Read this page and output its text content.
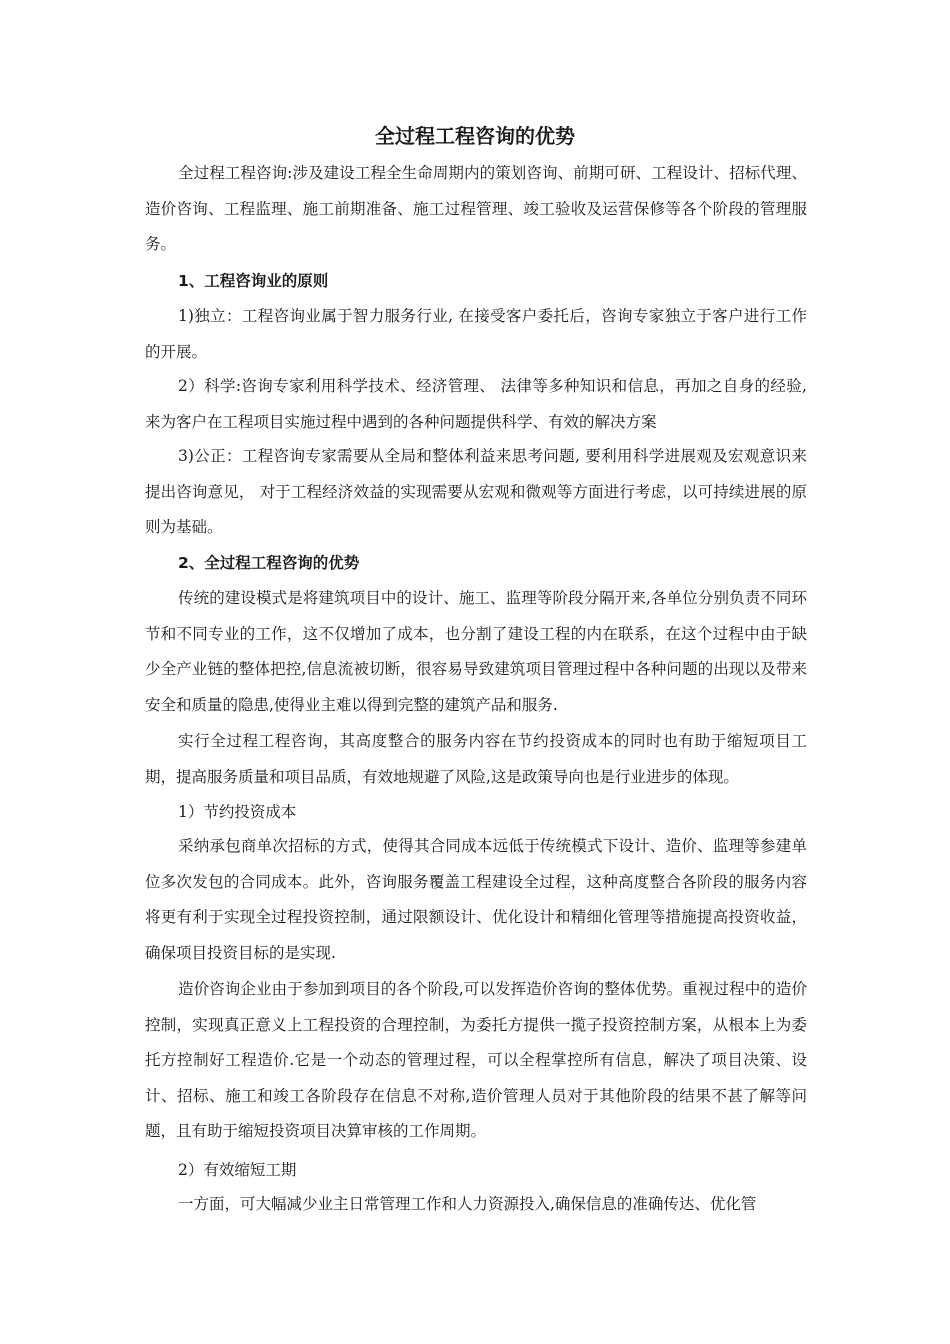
全过程工程咨询的优势

全过程工程咨询:涉及建设工程全生命周期内的策划咨询、前期可研、工程设计、招标代理、造价咨询、工程监理、施工前期准备、施工过程管理、竣工验收及运营保修等各个阶段的管理服务。

1、工程咨询业的原则

1)独立：工程咨询业属于智力服务行业, 在接受客户委托后，咨询专家独立于客户进行工作的开展。

2）科学:咨询专家利用科学技术、经济管理、 法律等多种知识和信息，再加之自身的经验,来为客户在工程项目实施过程中遇到的各种问题提供科学、有效的解决方案

3)公正：工程咨询专家需要从全局和整体利益来思考问题, 要利用科学进展观及宏观意识来提出咨询意见， 对于工程经济效益的实现需要从宏观和微观等方面进行考虑，以可持续进展的原则为基础。

2、全过程工程咨询的优势

传统的建设模式是将建筑项目中的设计、施工、监理等阶段分隔开来,各单位分别负责不同环节和不同专业的工作，这不仅增加了成本，也分割了建设工程的内在联系，在这个过程中由于缺少全产业链的整体把控,信息流被切断，很容易导致建筑项目管理过程中各种问题的出现以及带来安全和质量的隐患,使得业主难以得到完整的建筑产品和服务.

实行全过程工程咨询，其高度整合的服务内容在节约投资成本的同时也有助于缩短项目工期，提高服务质量和项目品质，有效地规避了风险,这是政策导向也是行业进步的体现。

1）节约投资成本

采纳承包商单次招标的方式，使得其合同成本远低于传统模式下设计、造价、监理等参建单位多次发包的合同成本。此外，咨询服务覆盖工程建设全过程，这种高度整合各阶段的服务内容将更有利于实现全过程投资控制，通过限额设计、优化设计和精细化管理等措施提高投资收益，确保项目投资目标的是实现.

造价咨询企业由于参加到项目的各个阶段,可以发挥造价咨询的整体优势。重视过程中的造价控制，实现真正意义上工程投资的合理控制，为委托方提供一揽子投资控制方案，从根本上为委托方控制好工程造价.它是一个动态的管理过程，可以全程掌控所有信息，解决了项目决策、设计、招标、施工和竣工各阶段存在信息不对称,造价管理人员对于其他阶段的结果不甚了解等问题，且有助于缩短投资项目决算审核的工作周期。

2）有效缩短工期

一方面，可大幅减少业主日常管理工作和人力资源投入,确保信息的准确传达、优化管
